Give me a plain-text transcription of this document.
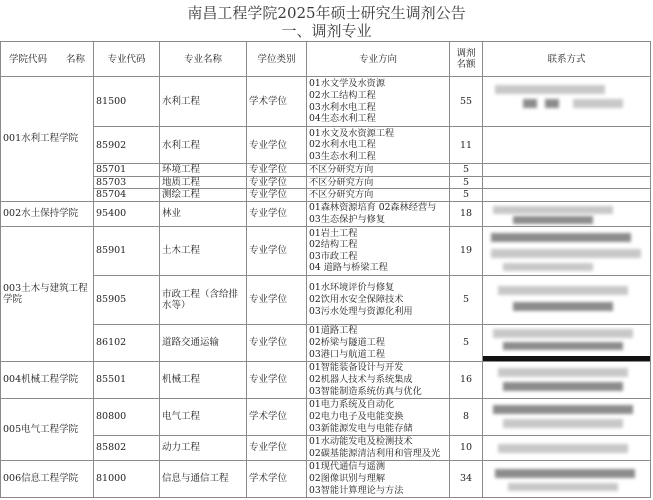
南昌工程学院2025年硕士研究生调剂公告
一、调剂专业
学院代码　　名称	专业代码	专业名称	学位类别	专业方向	调剂名额	联系方式
001水利工程学院	81500	水利工程	学术学位	01水文学及水资源
02水工结构工程
03水利水电工程
04生态水利工程	55	

	85902	水利工程	专业学位	01水文及水资源工程
02水利水电工程
03生态水利工程	11	
	85701	环境工程	专业学位	不区分研究方向	5	
	85703	地质工程	专业学位	不区分研究方向	5	
	85704	测绘工程	专业学位	不区分研究方向	5	
002水土保持学院	95400	林业	专业学位	01森林资源培育 02森林经营与
03生态保护与修复	18	

003土木与建筑工程学院	85901	土木工程	专业学位	01岩土工程
02结构工程
03市政工程
04 道路与桥梁工程	19	

	85905	市政工程（含给排水等）	专业学位	01水环境评价与修复
02饮用水安全保障技术
03污水处理与资源化利用	5	

	86102	道路交通运输	专业学位	01道路工程
02桥梁与隧道工程
03港口与航道工程	5	

004机械工程学院	85501	机械工程	专业学位	01智能装备设计与开发
02机器人技术与系统集成
03智能制造系统仿真与优化	16	

005电气工程学院	80800	电气工程	学术学位	01电力系统及自动化
02电力电子及电能变换
03新能源发电与电能存储	8	

	85802	动力工程	专业学位	01水动能发电及检测技术
02碳基能源清洁利用和管理及光	10	

006信息工程学院	81000	信息与通信工程	学术学位	01现代通信与遥测
02图像识别与理解
03智能计算理论与方法	34	
